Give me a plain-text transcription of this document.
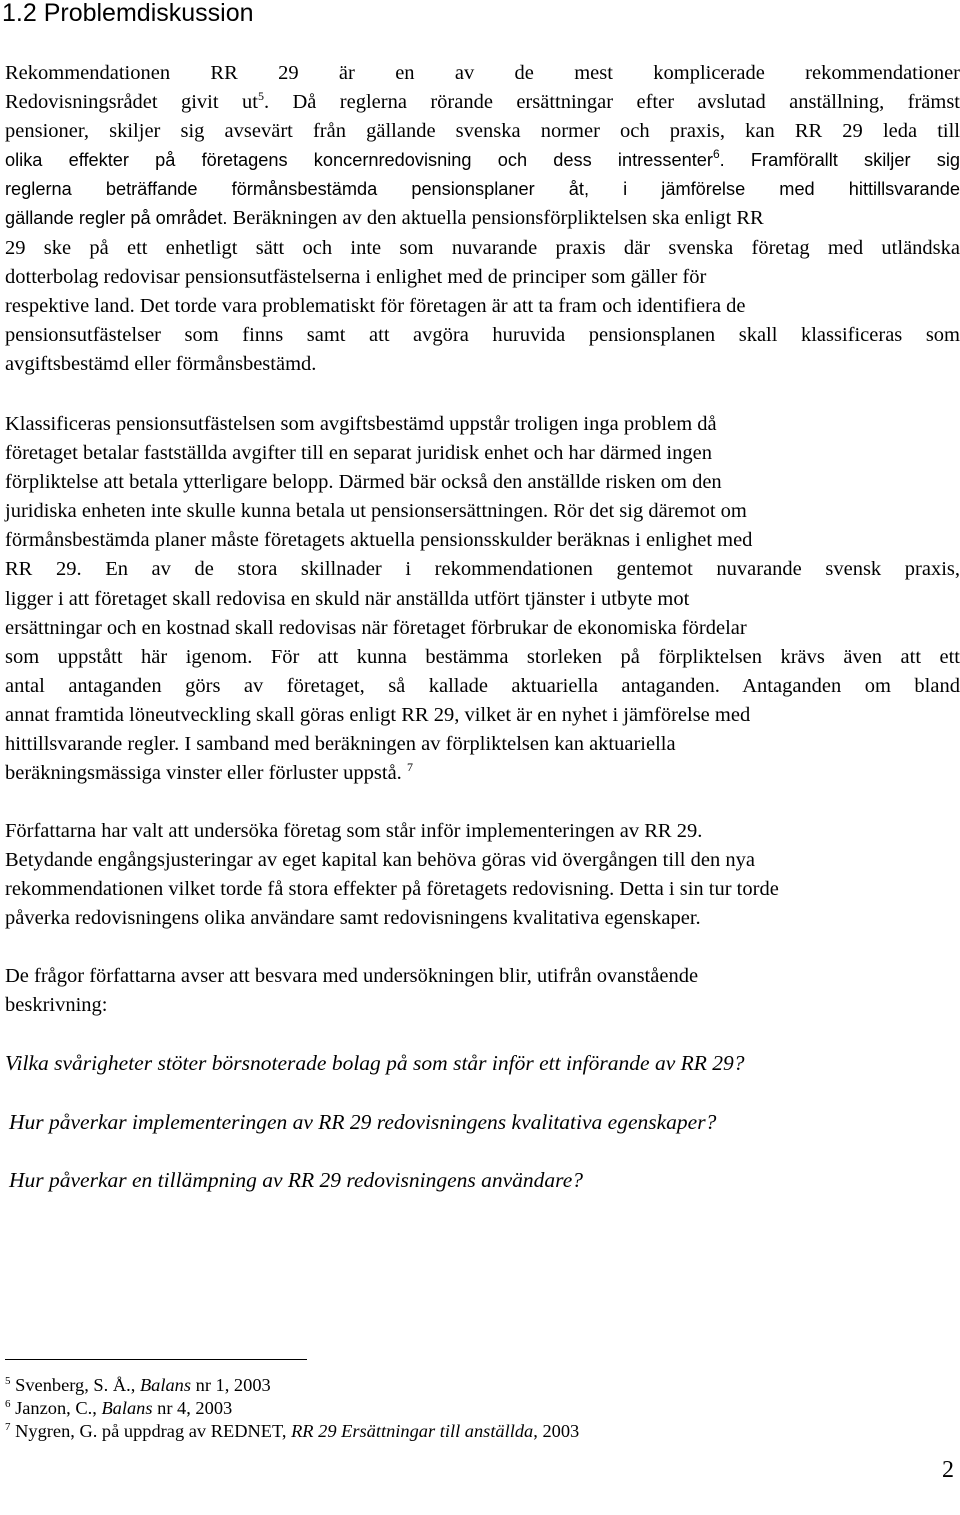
1.2 Problemdiskussion
Rekommendationen RR 29 är en av de mest komplicerade rekommendationer
Redovisningsrådet givit $ut^5$. Då reglerna rörande ersättningar efter avslutad anställning, främst
pensioner, skiljer sig avsevärt från gällande svenska normer och praxis, kan RR 29 leda till
olika effekter på företagens koncernredovisning och dess intressenter$^6$. Framförallt skiljer sig
reglerna beträffande förmånsbestämda pensionsplaner åt, i jämförelse med hittillsvarande
gällande regler på området. Beräkningen av den aktuella pensionsförpliktelsen ska enligt RR
29 ske på ett enhetligt sätt och inte som nuvarande praxis där svenska företag med utländska
dotterbolag redovisar pensionsutfästelserna i enlighet med de principer som gäller för
respektive land. Det torde vara problematiskt för företagen är att ta fram och identifiera de
pensionsutfästelser som finns samt att avgöra huruvida pensionsplanen skall klassificeras som
avgiftsbestämd eller förmånsbestämd.
Klassificeras pensionsutfästelsen som avgiftsbestämd uppstår troligen inga problem då
företaget betalar fastställda avgifter till en separat juridisk enhet och har därmed ingen
förpliktelse att betala ytterligare belopp. Därmed bär också den anställde risken om den
juridiska enheten inte skulle kunna betala ut pensionsersättningen. Rör det sig däremot om
förmånsbestämda planer måste företagets aktuella pensionsskulder beräknas i enlighet med
RR 29. En av de stora skillnader i rekommendationen gentemot nuvarande svensk praxis,
ligger i att företaget skall redovisa en skuld när anställda utfört tjänster i utbyte mot
ersättningar och en kostnad skall redovisas när företaget förbrukar de ekonomiska fördelar
som uppstått här igenom. För att kunna bestämma storleken på förpliktelsen krävs även att ett
antal antaganden görs av företaget, så kallade aktuariella antaganden. Antaganden om bland
annat framtida löneutveckling skall göras enligt RR 29, vilket är en nyhet i jämförelse med
hittillsvarande regler. I samband med beräkningen av förpliktelsen kan aktuariella
beräkningsmässiga vinster eller förluster uppstå. $^7$
Författarna har valt att undersöka företag som står inför implementeringen av RR 29.
Betydande engångsjusteringar av eget kapital kan behöva göras vid övergången till den nya
rekommendationen vilket torde få stora effekter på företagets redovisning. Detta i sin tur torde
påverka redovisningens olika användare samt redovisningens kvalitativa egenskaper.
De frågor författarna avser att besvara med undersökningen blir, utifrån ovanstående
beskrivning:
Vilka svårigheter stöter börsnoterade bolag på som står inför ett införande av RR 29?
Hur påverkar implementeringen av RR 29 redovisningens kvalitativa egenskaper?
Hur påverkar en tillämpning av RR 29 redovisningens användare?
$^5$ Svenberg, S. Å., Balans nr 1, 2003
$^6$ Janzon, C., Balans nr 4, 2003
$^7$ Nygren, G. på uppdrag av REDNET, RR 29 Ersättningar till anställda, 2003
2
